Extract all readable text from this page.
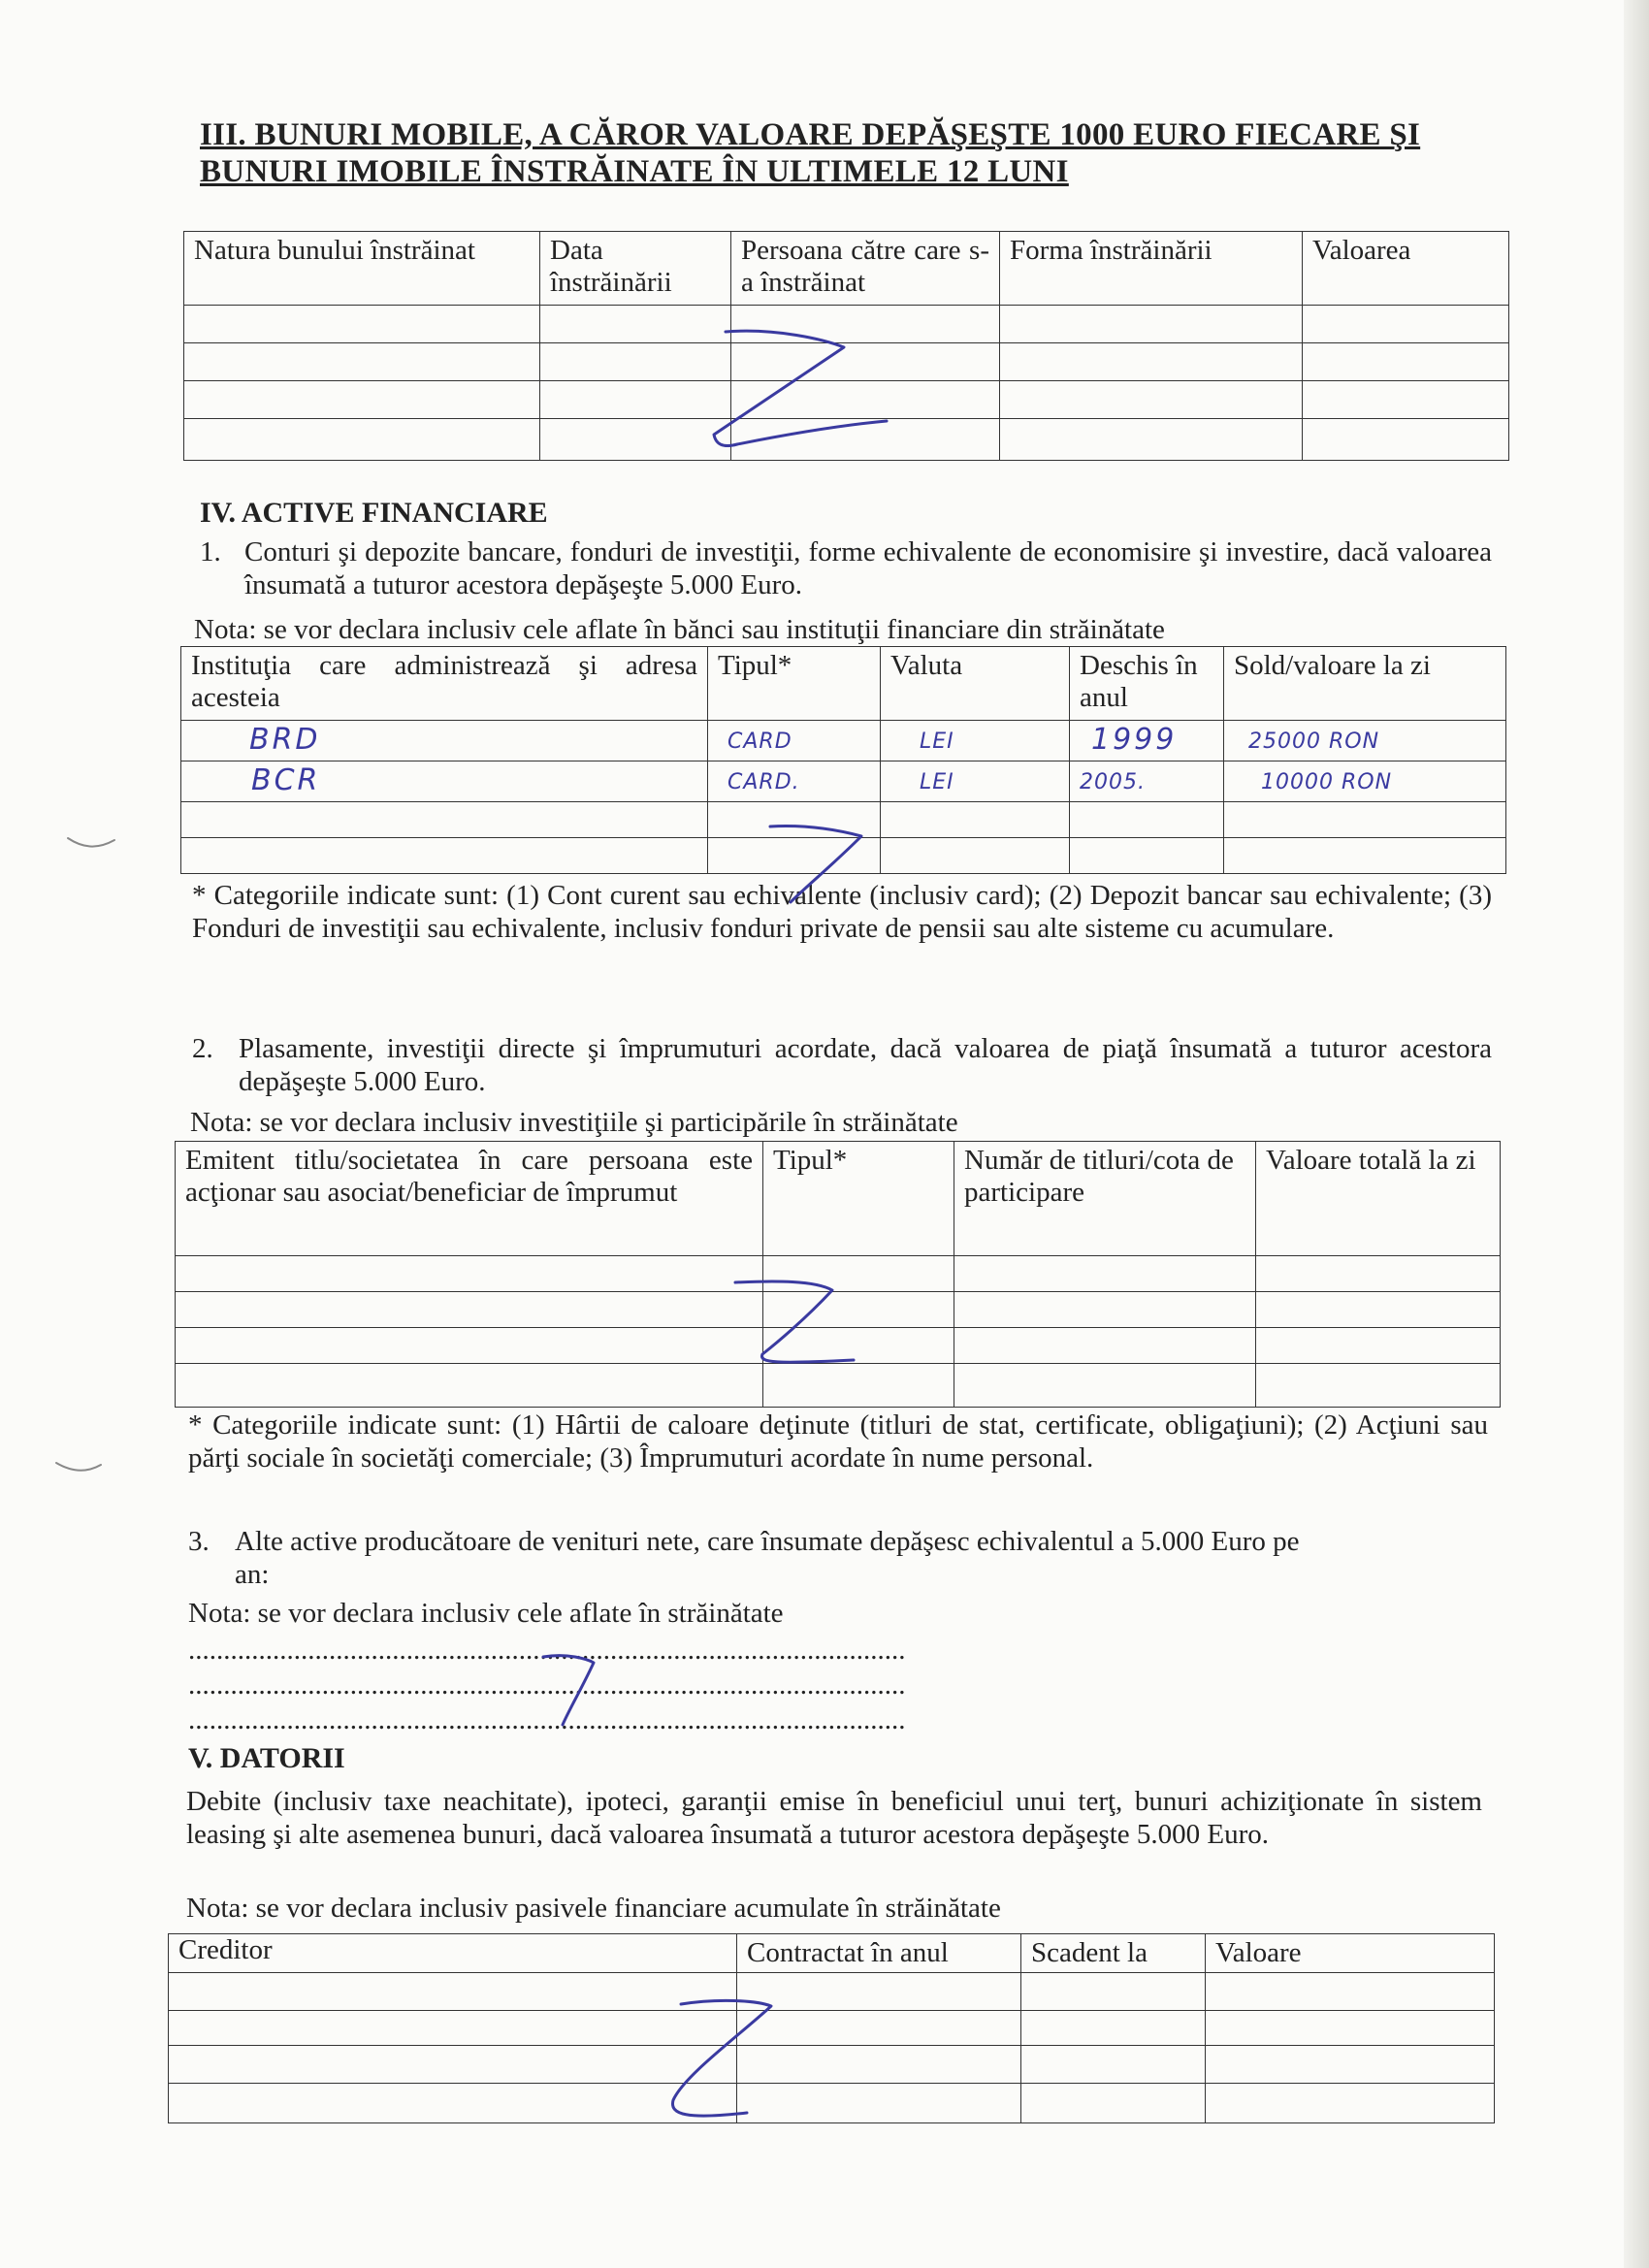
III. BUNURI MOBILE, A CĂROR VALOARE DEPĂŞEŞTE 1000 EURO FIECARE ŞI
BUNURI IMOBILE ÎNSTRĂINATE ÎN ULTIMELE 12 LUNI
Natura bunului înstrăinat	Data înstrăinării	Persoana către care s-a înstrăinat	Forma înstrăinării	Valoarea

IV. ACTIVE FINANCIARE
1. Conturi şi depozite bancare, fonduri de investiţii, forme echivalente de economisire şi investire, dacă valoarea însumată a tuturor acestora depăşeşte 5.000 Euro.
Nota: se vor declara inclusiv cele aflate în bănci sau instituţii financiare din străinătate
Instituţia care administrează şi adresa acesteia	Tipul*	Valuta	Deschis în anul	Sold/valoare la zi
BRD	CARD	LEI	1999	25000 RON
BCR	CARD.	LEI	2005.	10000 RON

* Categoriile indicate sunt: (1) Cont curent sau echivalente (inclusiv card); (2) Depozit bancar sau echivalente; (3) Fonduri de investiţii sau echivalente, inclusiv fonduri private de pensii sau alte sisteme cu acumulare.
2. Plasamente, investiţii directe şi împrumuturi acordate, dacă valoarea de piaţă însumată a tuturor acestora depăşeşte 5.000 Euro.
Nota: se vor declara inclusiv investiţiile şi participările în străinătate
Emitent titlu/societatea în care persoana este acţionar sau asociat/beneficiar de împrumut	Tipul*	Număr de titluri/cota de participare	Valoare totală la zi

* Categoriile indicate sunt: (1) Hârtii de caloare deţinute (titluri de stat, certificate, obligaţiuni); (2) Acţiuni sau părţi sociale în societăţi comerciale; (3) Împrumuturi acordate în nume personal.
3. Alte active producătoare de venituri nete, care însumate depăşesc echivalentul a 5.000 Euro pe
an:
Nota: se vor declara inclusiv cele aflate în străinătate
......................................................................................................
......................................................................................................
......................................................................................................
V. DATORII
Debite (inclusiv taxe neachitate), ipoteci, garanţii emise în beneficiul unui terţ, bunuri achiziţionate în sistem leasing şi alte asemenea bunuri, dacă valoarea însumată a tuturor acestora depăşeşte 5.000 Euro.
Nota: se vor declara inclusiv pasivele financiare acumulate în străinătate
Creditor	Contractat în anul	Scadent la	Valoare
